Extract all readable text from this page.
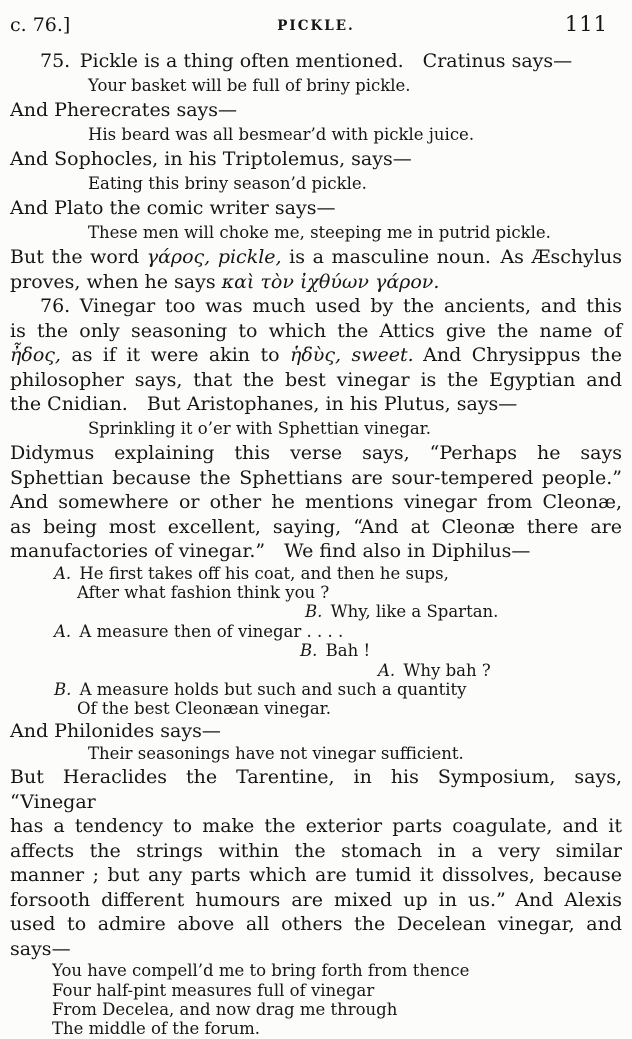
c. 76.]	PICKLE.	111
75. Pickle is a thing often mentioned.  Cratinus says—
Your basket will be full of briny pickle.
And Pherecrates says—
His beard was all besmear’d with pickle juice.
And Sophocles, in his Triptolemus, says—
Eating this briny season’d pickle.
And Plato the comic writer says—
These men will choke me, steeping me in putrid pickle.
But the word γάρος, pickle, is a masculine noun. As Æschylus
proves, when he says καὶ τὸν ἰχθύων γάρον.
76. Vinegar too was much used by the ancients, and this
is the only seasoning to which the Attics give the name of
ἦδος, as if it were akin to ἡδὺς, sweet. And Chrysippus the
philosopher says, that the best vinegar is the Egyptian and
the Cnidian.  But Aristophanes, in his Plutus, says—
Sprinkling it o’er with Sphettian vinegar.
Didymus explaining this verse says, “Perhaps he says
Sphettian because the Sphettians are sour-tempered people.”
And somewhere or other he mentions vinegar from Cleonæ,
as being most excellent, saying, “And at Cleonæ there are
manufactories of vinegar.”  We find also in Diphilus—
A. He first takes off his coat, and then he sups,
After what fashion think you ?
B. Why, like a Spartan.
A. A measure then of vinegar . . . .
B. Bah !
A. Why bah ?
B. A measure holds but such and such a quantity
Of the best Cleonæan vinegar.
And Philonides says—
Their seasonings have not vinegar sufficient.
But Heraclides the Tarentine, in his Symposium, says, “Vinegar
has a tendency to make the exterior parts coagulate, and it
affects the strings within the stomach in a very similar
manner ; but any parts which are tumid it dissolves, because
forsooth different humours are mixed up in us.” And Alexis
used to admire above all others the Decelean vinegar, and
says—
You have compell’d me to bring forth from thence
Four half-pint measures full of vinegar
From Decelea, and now drag me through
The middle of the forum.
